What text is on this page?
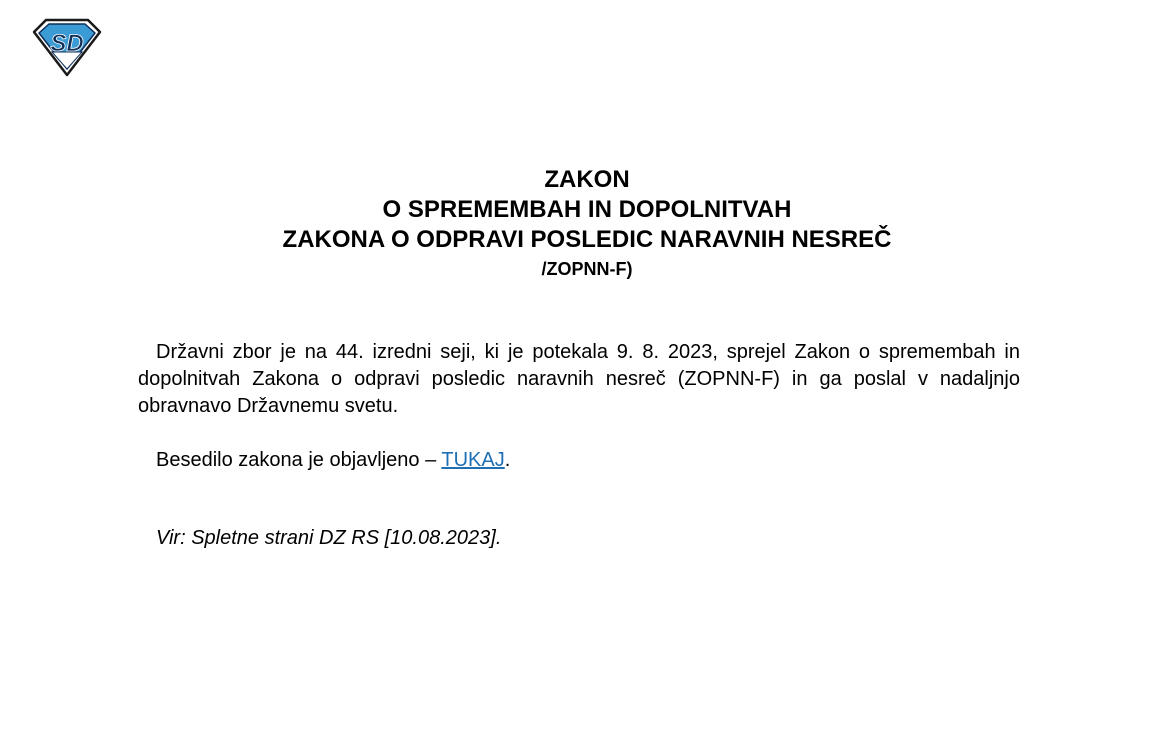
SD
ZAKON
O SPREMEMBAH IN DOPOLNITVAH
ZAKONA O ODPRAVI POSLEDIC NARAVNIH NESREČ
/ZOPNN-F)
Državni zbor je na 44. izredni seji, ki je potekala 9. 8. 2023, sprejel Zakon o spremembah in dopolnitvah Zakona o odpravi posledic naravnih nesreč (ZOPNN-F) in ga poslal v nadaljnjo obravnavo Državnemu svetu.
Besedilo zakona je objavljeno – TUKAJ.
Vir: Spletne strani DZ RS [10.08.2023].
